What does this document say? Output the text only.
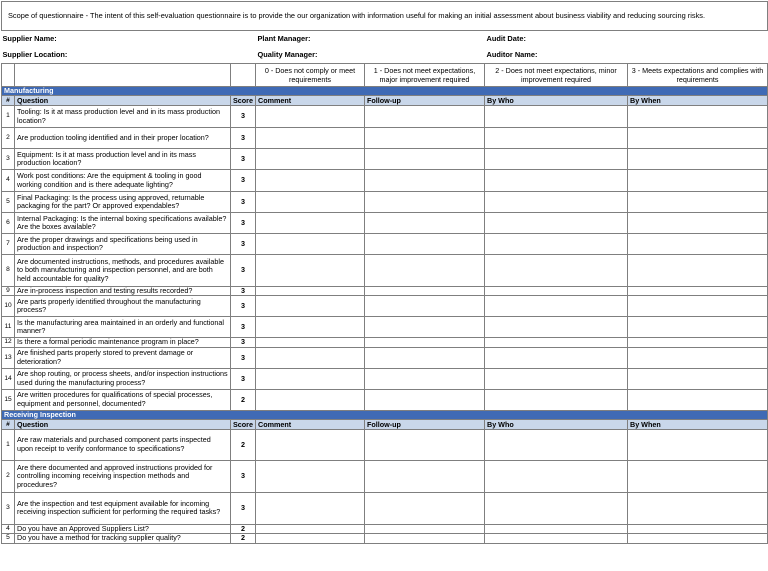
Scope of questionnaire - The intent of this self-evaluation questionnaire is to provide the our organization with information useful for making an initial assessment about business viability and reducing sourcing risks.						
Supplier Name:			Plant Manager:		Audit Date:	
Supplier Location:			Quality Manager:		Auditor Name:	
			0 - Does not comply or meet requirements	1 - Does not meet expectations, major improvement required	2 - Does not meet expectations, minor improvement required	3 - Meets expectations and complies with requirements
Manufacturing						
#	Question	Score	Comment	Follow-up	By Who	By When
1	Tooling: Is it at mass production level and in its mass production location?	3				
2	Are production tooling identified and in their proper location?	3				
3	Equipment: Is it at mass production level and in its mass production location?	3				
4	Work post conditions: Are the equipment & tooling in good working condition and is there adequate lighting?	3				
5	Final Packaging: Is the process using approved, returnable packaging for the part? Or approved expendables?	3				
6	Internal Packaging: Is the internal boxing specifications available? Are the boxes available?	3				
7	Are the proper drawings and specifications being used in production and inspection?	3				
8	Are documented instructions, methods, and procedures available to both manufacturing and inspection personnel, and are both held accountable for quality?	3				
9	Are in-process inspection and testing results recorded?	3				
10	Are parts properly identified throughout the manufacturing process?	3				
11	Is the manufacturing area maintained in an orderly and functional manner?	3				
12	Is there a formal periodic maintenance program in place?	3				
13	Are finished parts properly stored to prevent damage or deterioration?	3				
14	Are shop routing, or process sheets, and/or inspection instructions used during the manufacturing process?	3				
15	Are written procedures for qualifications of special processes, equipment and personnel, documented?	2				
Receiving Inspection						
#	Question	Score	Comment	Follow-up	By Who	By When
1	Are raw materials and purchased component parts inspected upon receipt to verify conformance to specifications?	2				
2	Are there documented and approved instructions provided for controlling incoming receiving inspection methods and procedures?	3				
3	Are the inspection and test equipment available for incoming receiving inspection sufficient for performing the required tasks?	3				
4	Do you have an Approved Suppliers List?	2				
5	Do you have a method for tracking supplier quality?	2				
